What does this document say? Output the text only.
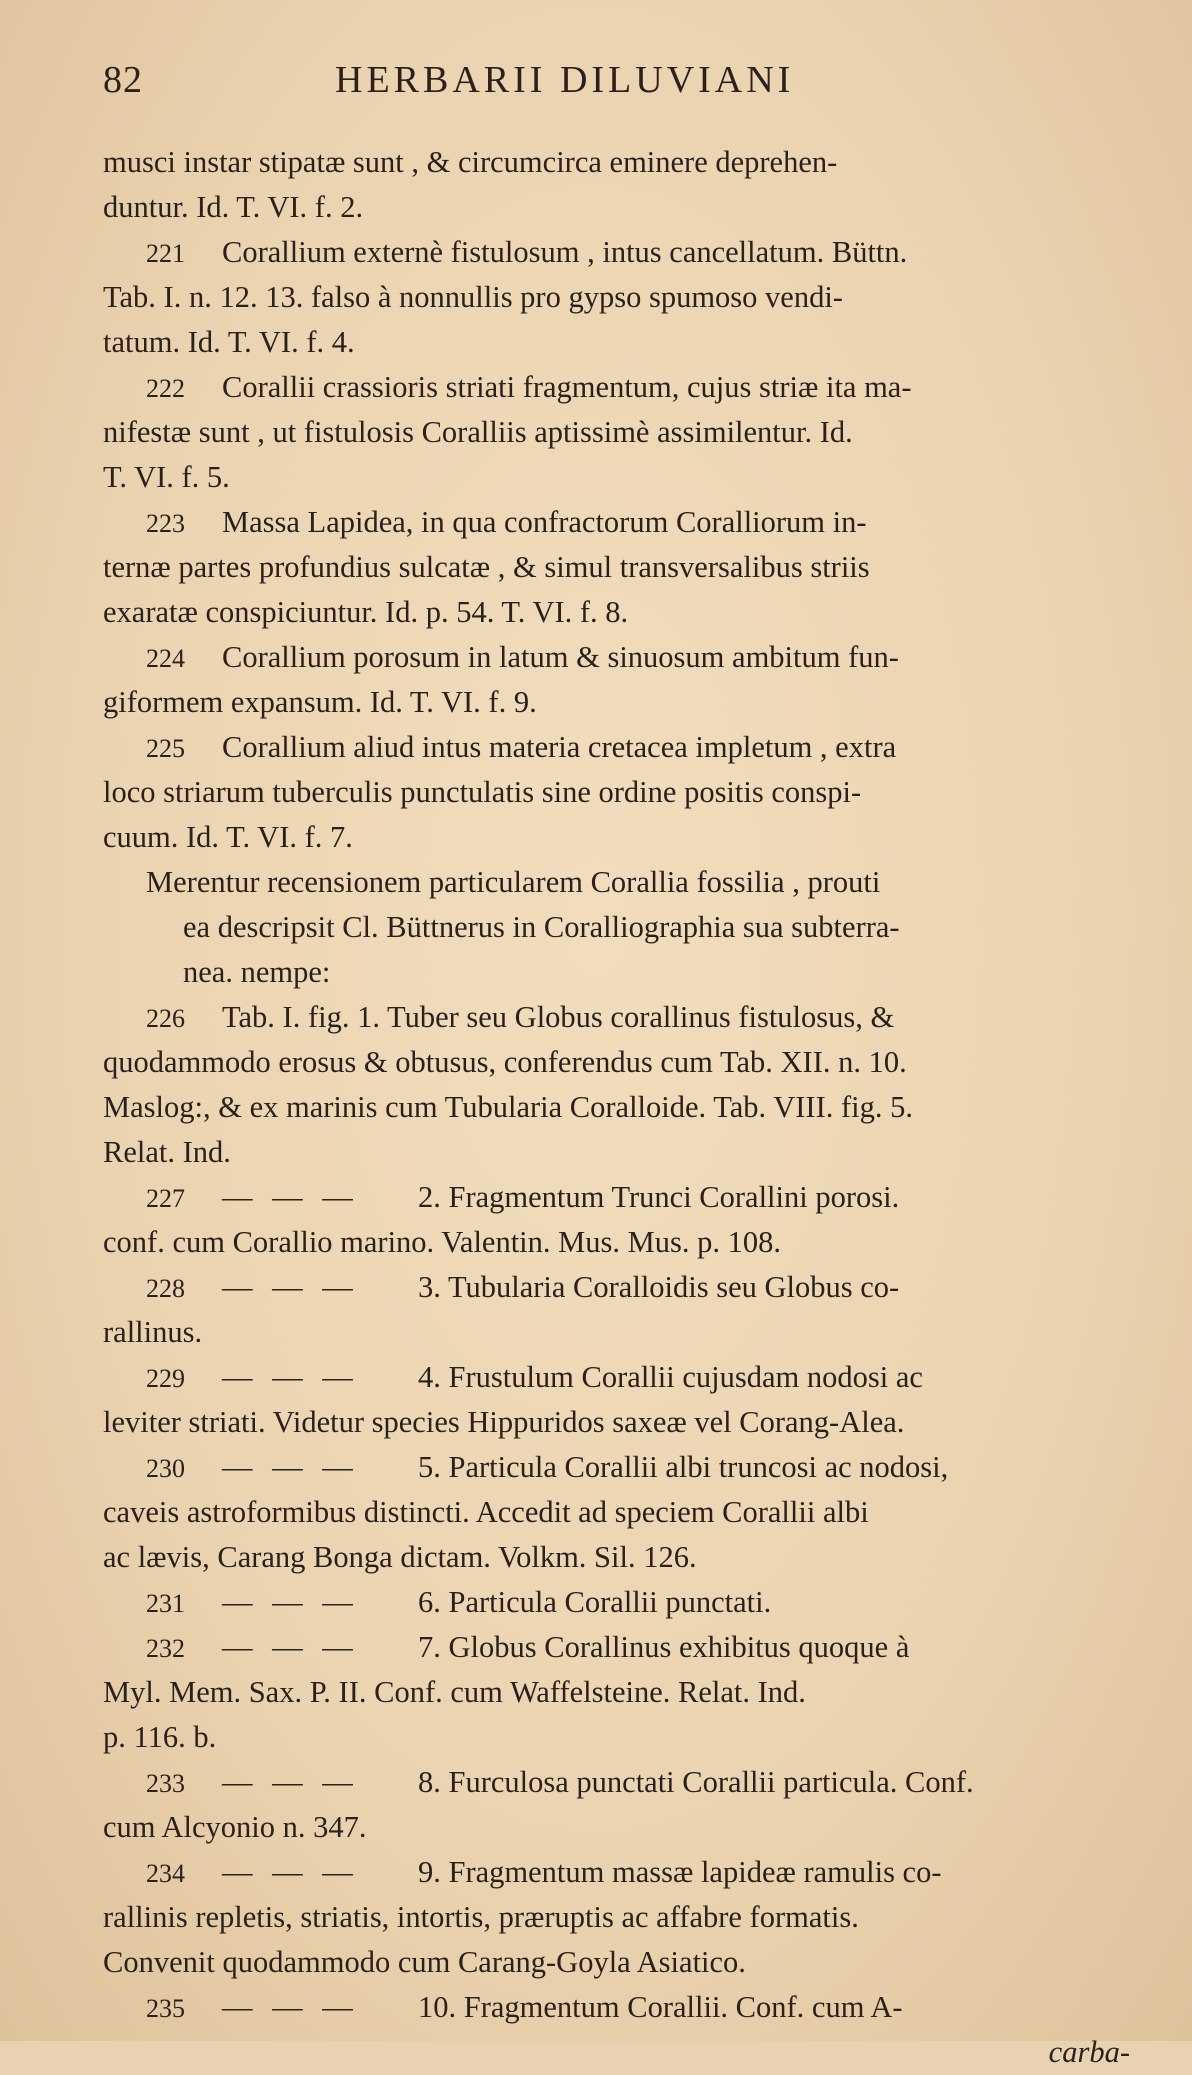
82	HERBARII DILUVIANI
musci instar stipatæ sunt , & circumcirca eminere deprehen-
duntur. Id. T. VI. f. 2.
221 Corallium externè fistulosum , intus cancellatum. Büttn.
Tab. I. n. 12. 13. falso à nonnullis pro gypso spumoso vendi-
tatum. Id. T. VI. f. 4.
222 Corallii crassioris striati fragmentum, cujus striæ ita ma-
nifestæ sunt , ut fistulosis Coralliis aptissimè assimilentur. Id.
T. VI. f. 5.
223 Massa Lapidea, in qua confractorum Coralliorum in-
ternæ partes profundius sulcatæ , & simul transversalibus striis
exaratæ conspiciuntur. Id. p. 54. T. VI. f. 8.
224 Corallium porosum in latum & sinuosum ambitum fun-
giformem expansum. Id. T. VI. f. 9.
225 Corallium aliud intus materia cretacea impletum , extra
loco striarum tuberculis punctulatis sine ordine positis conspi-
cuum. Id. T. VI. f. 7.
Merentur recensionem particularem Corallia fossilia , prouti
ea descripsit Cl. Büttnerus in Coralliographia sua subterra-
nea. nempe:
226 Tab. I. fig. 1. Tuber seu Globus corallinus fistulosus, &
quodammodo erosus & obtusus, conferendus cum Tab. XII. n. 10.
Maslog:, & ex marinis cum Tubularia Coralloide. Tab. VIII. fig. 5.
Relat. Ind.
227 — — — 2. Fragmentum Trunci Corallini porosi.
conf. cum Corallio marino. Valentin. Mus. Mus. p. 108.
228 — — — 3. Tubularia Coralloidis seu Globus co-
rallinus.
229 — — — 4. Frustulum Corallii cujusdam nodosi ac
leviter striati. Videtur species Hippuridos saxeæ vel Corang-Alea.
230 — — — 5. Particula Corallii albi truncosi ac nodosi,
caveis astroformibus distincti. Accedit ad speciem Corallii albi
ac lævis, Carang Bonga dictam. Volkm. Sil. 126.
231 — — — 6. Particula Corallii punctati.
232 — — — 7. Globus Corallinus exhibitus quoque à
Myl. Mem. Sax. P. II. Conf. cum Waffelsteine. Relat. Ind.
p. 116. b.
233 — — — 8. Furculosa punctati Corallii particula. Conf.
cum Alcyonio n. 347.
234 — — — 9. Fragmentum massæ lapideæ ramulis co-
rallinis repletis, striatis, intortis, præruptis ac affabre formatis.
Convenit quodammodo cum Carang-Goyla Asiatico.
235 — — — 10. Fragmentum Corallii. Conf. cum A-
carba-
